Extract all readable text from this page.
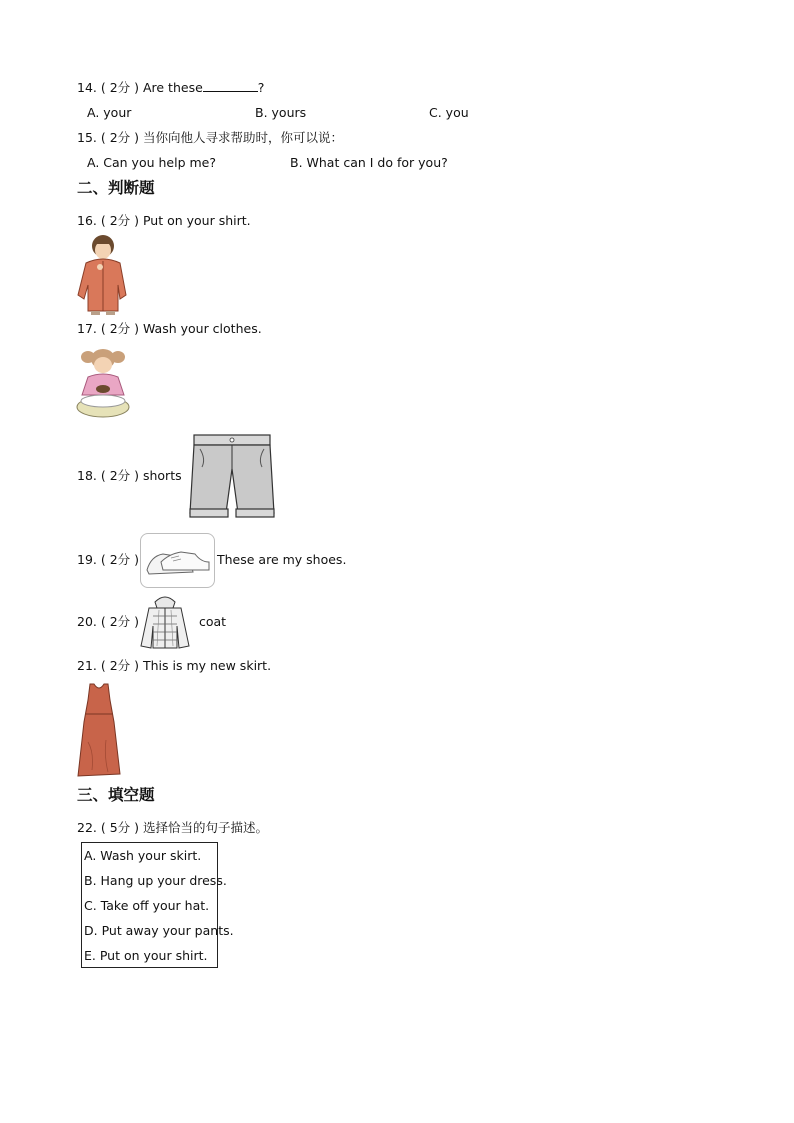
14. ( 2分 ) Are these	?
A. your	B. yours	C. you
15. ( 2分 ) 当你向他人寻求帮助时，你可以说：
A. Can you help me?	B. What can I do for you?
二、判断题
16. ( 2分 ) Put on your shirt.
17. ( 2分 ) Wash your clothes.
18. ( 2分 ) shorts
19. ( 2分 )	These are my shoes.
20. ( 2分 )	coat
21. ( 2分 ) This is my new skirt.
三、填空题
22. ( 5分 ) 选择恰当的句子描述。
A. Wash your skirt.
B. Hang up your dress.
C. Take off your hat.
D. Put away your pants.
E. Put on your shirt.
